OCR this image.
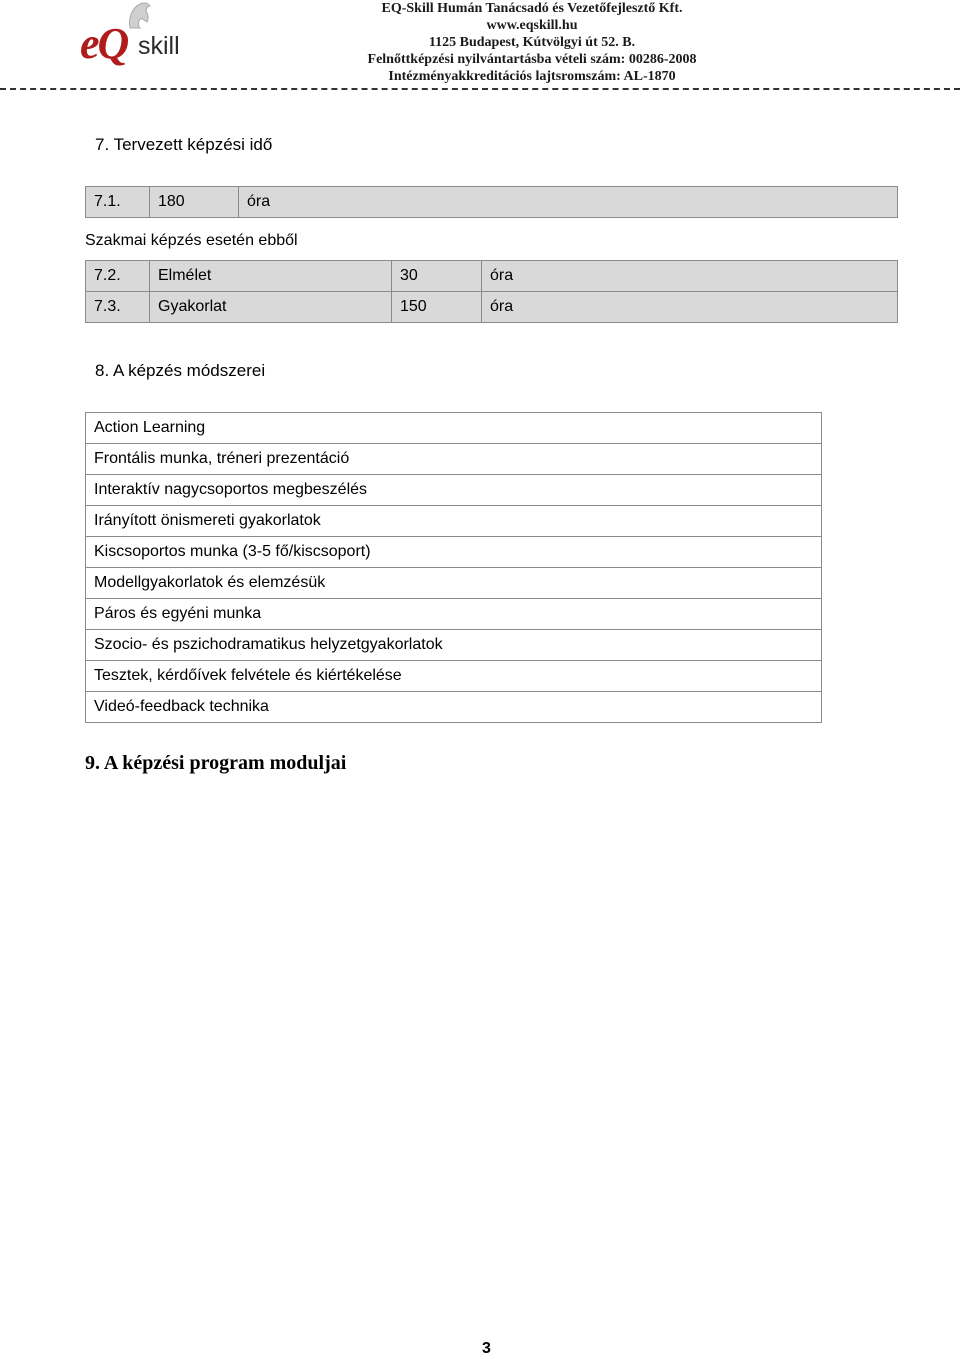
eQ skill
EQ-Skill Humán Tanácsadó és Vezetőfejlesztő Kft.
www.eqskill.hu
1125 Budapest, Kútvölgyi út 52. B.
Felnőttképzési nyilvántartásba vételi szám: 00286-2008
Intézményakkreditációs lajtsromszám: AL-1870
7. Tervezett képzési idő
7.1.	180	óra
Szakmai képzés esetén ebből
7.2.	Elmélet	30	óra
7.3.	Gyakorlat	150	óra
8. A képzés módszerei
Action Learning
Frontális munka, tréneri prezentáció
Interaktív nagycsoportos megbeszélés
Irányított önismereti gyakorlatok
Kiscsoportos munka (3-5 fő/kiscsoport)
Modellgyakorlatok és elemzésük
Páros és egyéni munka
Szocio- és pszichodramatikus helyzetgyakorlatok
Tesztek, kérdőívek felvétele és kiértékelése
Videó-feedback technika
9. A képzési program moduljai
3
